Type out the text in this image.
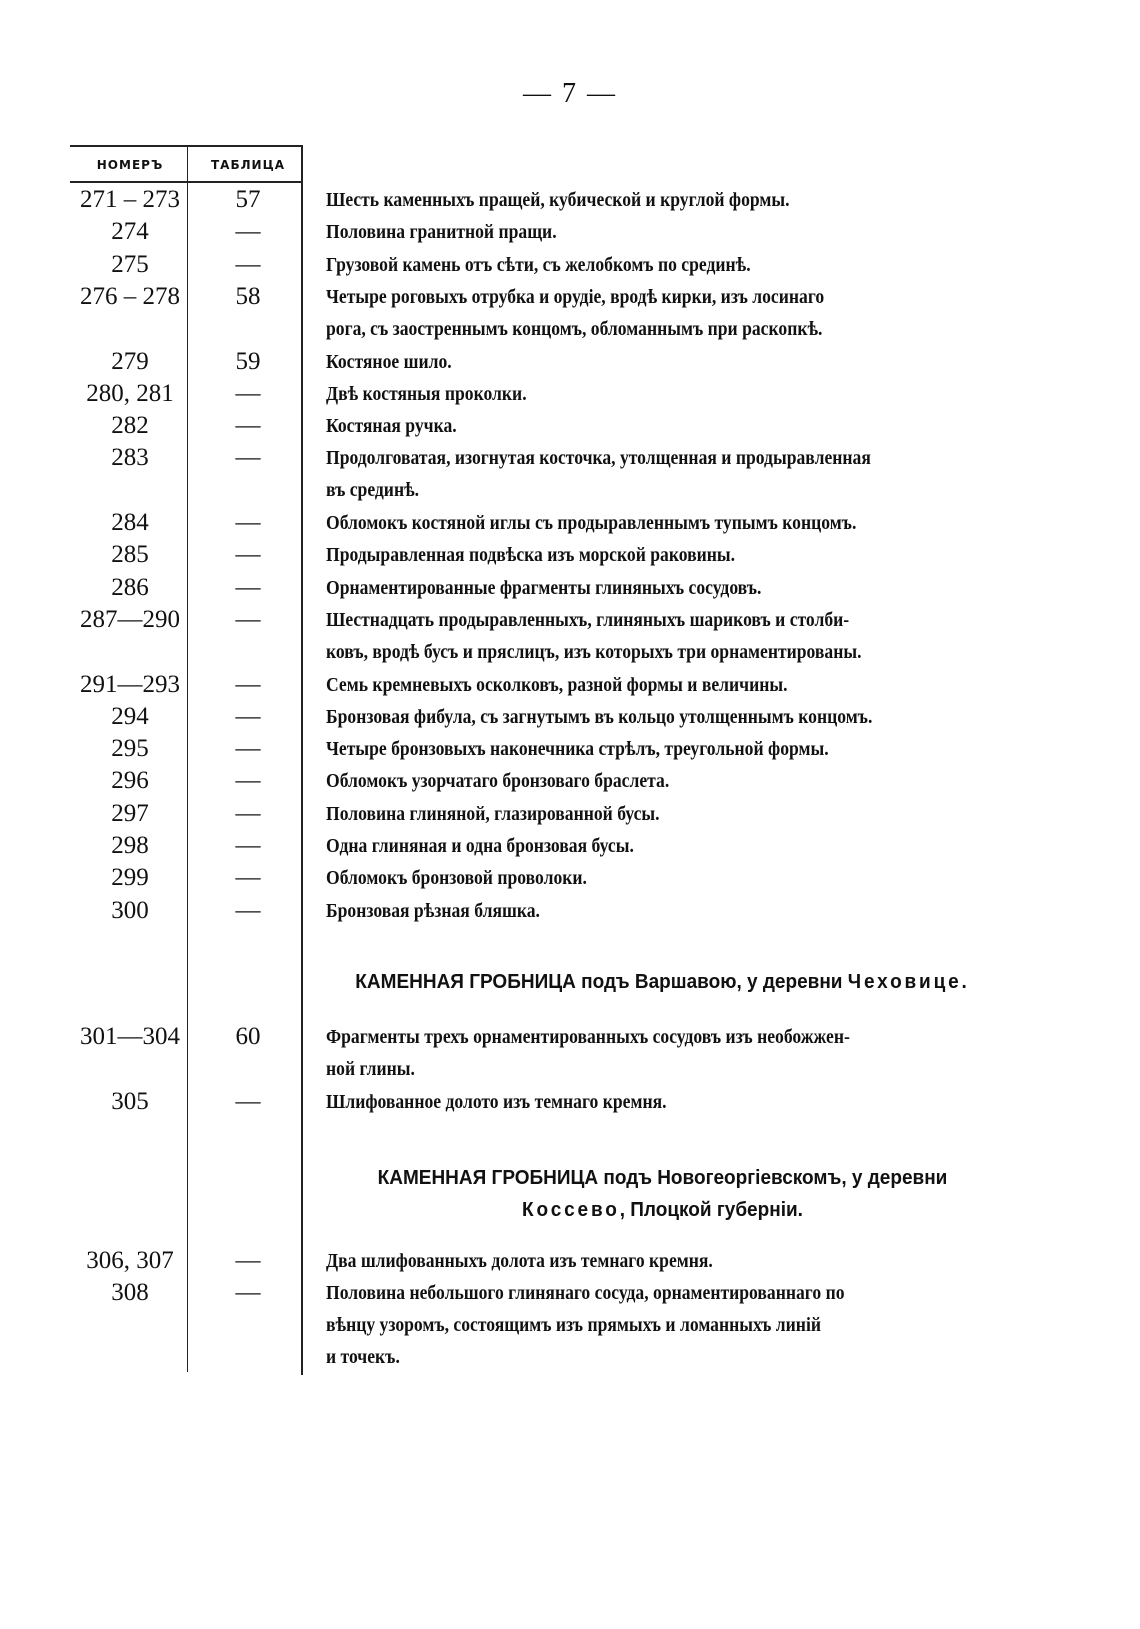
— 7 —
НОМЕРЪ	ТАБЛИЦА
271 – 273	57	Шесть каменныхъ пращей, кубической и круглой формы.
274	—	Половина гранитной пращи.
275	—	Грузовой камень отъ сѣти, съ желобкомъ по срединѣ.
276 – 278	58	Четыре роговыхъ отрубка и орудіе, вродѣ кирки, изъ лосинаго
рога, съ заостреннымъ концомъ, обломаннымъ при раскопкѣ.
279	59	Костяное шило.
280, 281	—	Двѣ костяныя проколки.
282	—	Костяная ручка.
283	—	Продолговатая, изогнутая косточка, утолщенная и продыравленная
въ срединѣ.
284	—	Обломокъ костяной иглы съ продыравленнымъ тупымъ концомъ.
285	—	Продыравленная подвѣска изъ морской раковины.
286	—	Орнаментированные фрагменты глиняныхъ сосудовъ.
287—290	—	Шестнадцать продыравленныхъ, глиняныхъ шариковъ и столби-
ковъ, вродѣ бусъ и пряслицъ, изъ которыхъ три орнаментированы.
291—293	—	Семь кремневыхъ осколковъ, разной формы и величины.
294	—	Бронзовая фибула, съ загнутымъ въ кольцо утолщеннымъ концомъ.
295	—	Четыре бронзовыхъ наконечника стрѣлъ, треугольной формы.
296	—	Обломокъ узорчатаго бронзоваго браслета.
297	—	Половина глиняной, глазированной бусы.
298	—	Одна глиняная и одна бронзовая бусы.
299	—	Обломокъ бронзовой проволоки.
300	—	Бронзовая рѣзная бляшка.
301—304	60	Фрагменты трехъ орнаментированныхъ сосудовъ изъ необожжен-
ной глины.
305	—	Шлифованное долото изъ темнаго кремня.
306, 307	—	Два шлифованныхъ долота изъ темнаго кремня.
308	—	Половина небольшого глинянаго сосуда, орнаментированнаго по
вѣнцу узоромъ, состоящимъ изъ прямыхъ и ломанныхъ линій
и точекъ.
КАМЕННАЯ ГРОБНИЦА подъ Варшавою, у деревни Чеховице.
КАМЕННАЯ ГРОБНИЦА подъ Новогеоргіевскомъ, у деревни
Коссево, Плоцкой губерніи.
